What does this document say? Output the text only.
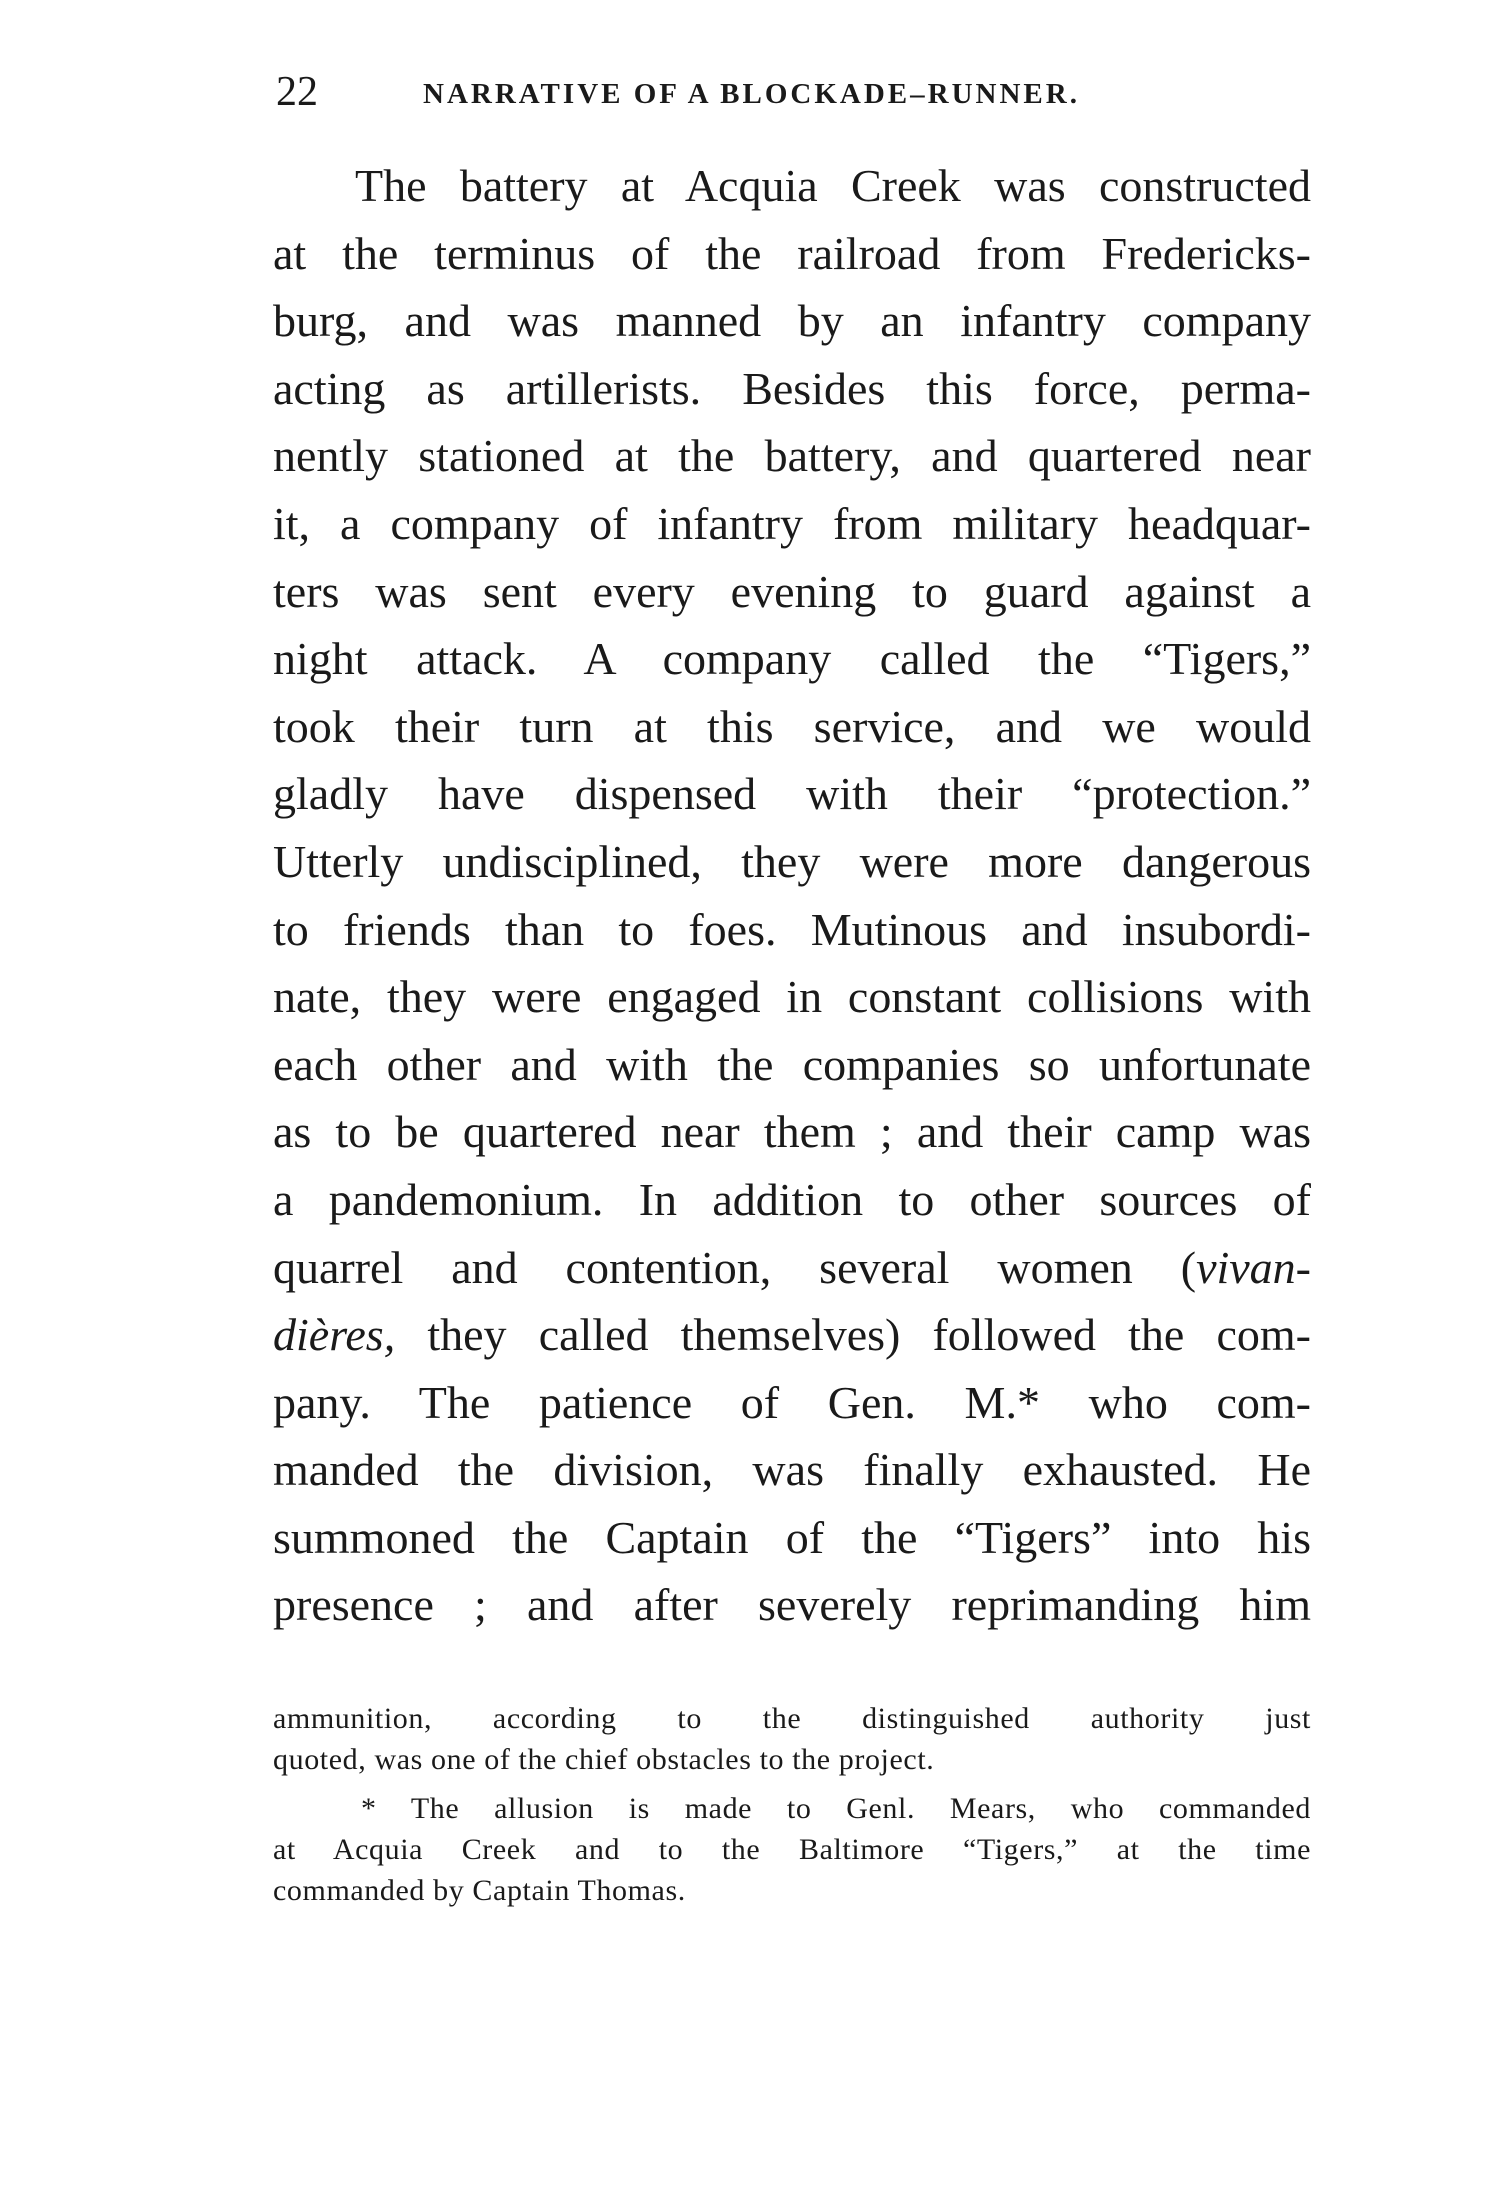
22	NARRATIVE OF A BLOCKADE–RUNNER.
The battery at Acquia Creek was constructed
at the terminus of the railroad from Fredericks-
burg, and was manned by an infantry company
acting as artillerists. Besides this force, perma-
nently stationed at the battery, and quartered near
it, a company of infantry from military headquar-
ters was sent every evening to guard against a
night attack. A company called the “Tigers,”
took their turn at this service, and we would
gladly have dispensed with their “protection.”
Utterly undisciplined, they were more dangerous
to friends than to foes. Mutinous and insubordi-
nate, they were engaged in constant collisions with
each other and with the companies so unfortunate
as to be quartered near them ; and their camp was
a pandemonium. In addition to other sources of
quarrel and contention, several women (vivan-
dières, they called themselves) followed the com-
pany. The patience of Gen. M.* who com-
manded the division, was finally exhausted. He
summoned the Captain of the “Tigers” into his
presence ; and after severely reprimanding him
ammunition, according to the distinguished authority just
quoted, was one of the chief obstacles to the project.
* The allusion is made to Genl. Mears, who commanded
at Acquia Creek and to the Baltimore “Tigers,” at the time
commanded by Captain Thomas.
